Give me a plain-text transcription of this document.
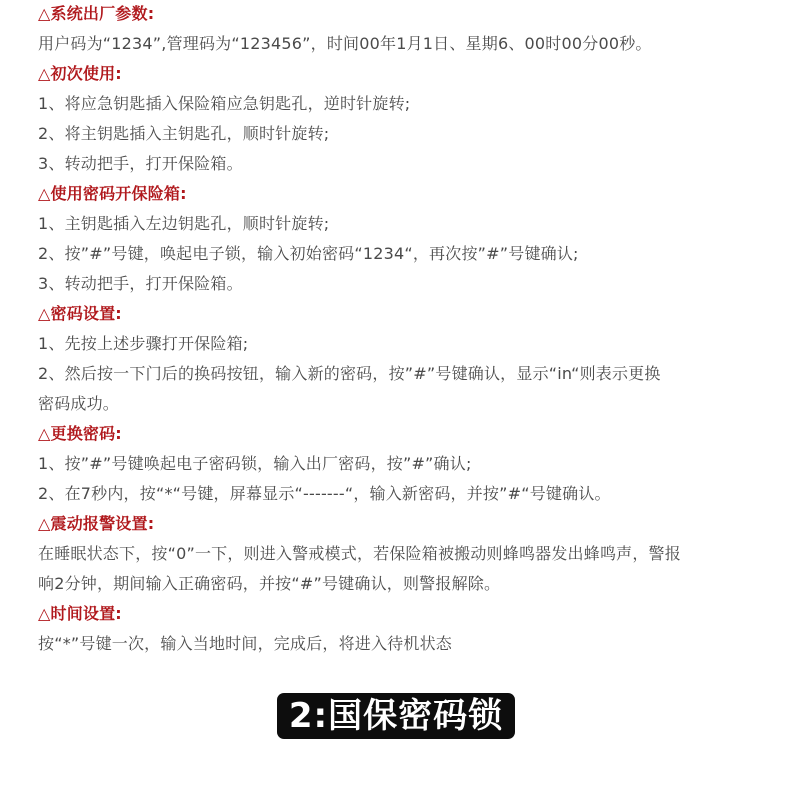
△系统出厂参数:
用户码为“1234”,管理码为“123456”，时间00年1月1日、星期6、00时00分00秒。
△初次使用:
1、将应急钥匙插入保险箱应急钥匙孔，逆时针旋转;
2、将主钥匙插入主钥匙孔，顺时针旋转;
3、转动把手，打开保险箱。
△使用密码开保险箱:
1、主钥匙插入左边钥匙孔，顺时针旋转;
2、按”#”号键，唤起电子锁，输入初始密码“1234“，再次按”#”号键确认;
3、转动把手，打开保险箱。
△密码设置:
1、先按上述步骤打开保险箱;
2、然后按一下门后的换码按钮，输入新的密码，按”#”号键确认，显示“in“则表示更换
密码成功。
△更换密码:
1、按”#”号键唤起电子密码锁，输入出厂密码，按”#”确认;
2、在7秒内，按“*“号键，屏幕显示“-------“，输入新密码，并按”#“号键确认。
△震动报警设置:
在睡眠状态下，按“0”一下，则进入警戒模式，若保险箱被搬动则蜂鸣器发出蜂鸣声，警报
响2分钟，期间输入正确密码，并按“#”号键确认，则警报解除。
△时间设置:
按“*”号键一次，输入当地时间，完成后，将进入待机状态
2:国保密码锁
